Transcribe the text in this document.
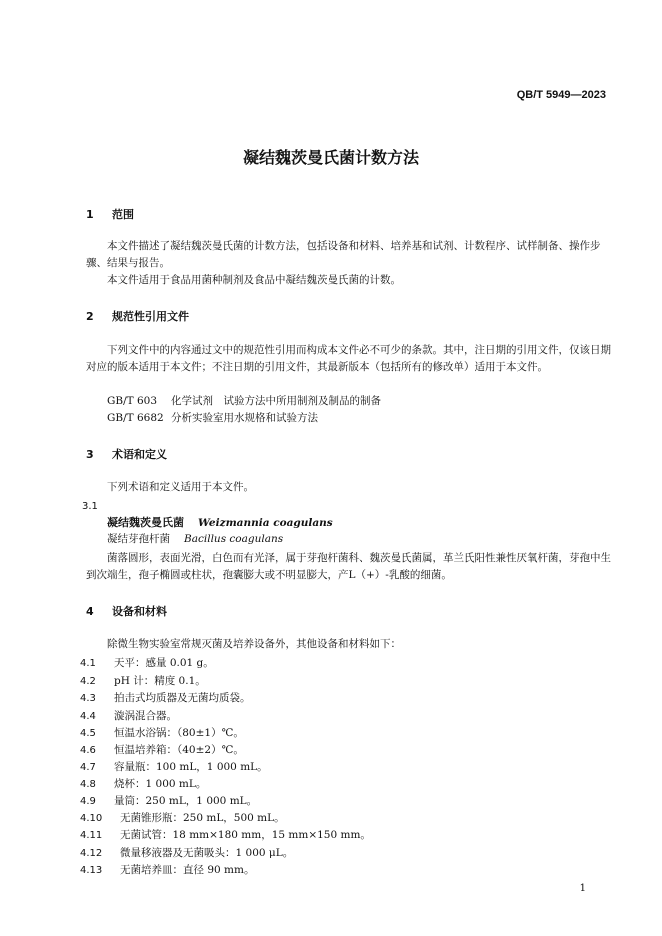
QB/T 5949—2023
凝结魏茨曼氏菌计数方法
1 范围
本文件描述了凝结魏茨曼氏菌的计数方法，包括设备和材料、培养基和试剂、计数程序、试样制备、操作步骤、结果与报告。
本文件适用于食品用菌种制剂及食品中凝结魏茨曼氏菌的计数。
2 规范性引用文件
下列文件中的内容通过文中的规范性引用而构成本文件必不可少的条款。其中，注日期的引用文件，仅该日期对应的版本适用于本文件；不注日期的引用文件，其最新版本（包括所有的修改单）适用于本文件。
GB/T 603 化学试剂　试验方法中所用制剂及制品的制备
GB/T 6682 分析实验室用水规格和试验方法
3 术语和定义
下列术语和定义适用于本文件。
3.1
凝结魏茨曼氏菌 Weizmannia coagulans
凝结芽孢杆菌 Bacillus coagulans
菌落圆形，表面光滑，白色而有光泽，属于芽孢杆菌科、魏茨曼氏菌属，革兰氏阳性兼性厌氧杆菌，芽孢中生到次端生，孢子椭圆或柱状，孢囊膨大或不明显膨大，产L（+）-乳酸的细菌。
4 设备和材料
除微生物实验室常规灭菌及培养设备外，其他设备和材料如下：
4.1 天平：感量 0.01 g。
4.2 pH 计：精度 0.1。
4.3 拍击式均质器及无菌均质袋。
4.4 漩涡混合器。
4.5 恒温水浴锅：（80±1）℃。
4.6 恒温培养箱：（40±2）℃。
4.7 容量瓶：100 mL，1 000 mL。
4.8 烧杯：1 000 mL。
4.9 量筒：250 mL，1 000 mL。
4.10 无菌锥形瓶：250 mL，500 mL。
4.11 无菌试管：18 mm×180 mm，15 mm×150 mm。
4.12 微量移液器及无菌吸头：1 000 μL。
4.13 无菌培养皿：直径 90 mm。
1
